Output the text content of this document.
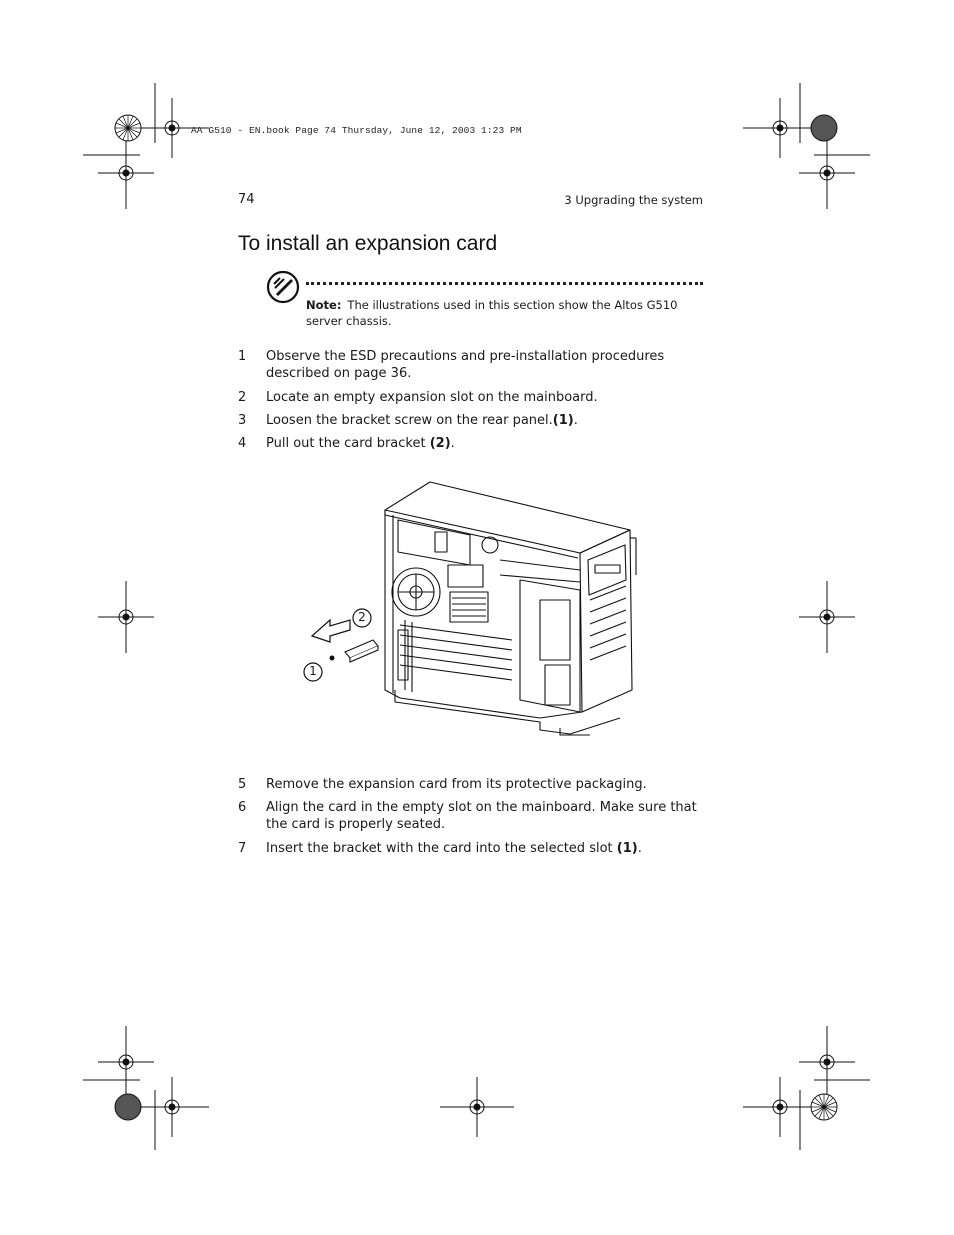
AA G510 - EN.book Page 74 Thursday, June 12, 2003 1:23 PM
74	3 Upgrading the system
To install an expansion card
Note: The illustrations used in this section show the Altos G510 server chassis.
1 Observe the ESD precautions and pre-installation procedures described on page 36.
2 Locate an empty expansion slot on the mainboard.
3 Loosen the bracket screw on the rear panel.(1).
4 Pull out the card bracket (2).
2
1
5 Remove the expansion card from its protective packaging.
6 Align the card in the empty slot on the mainboard. Make sure that the card is properly seated.
7 Insert the bracket with the card into the selected slot (1).
